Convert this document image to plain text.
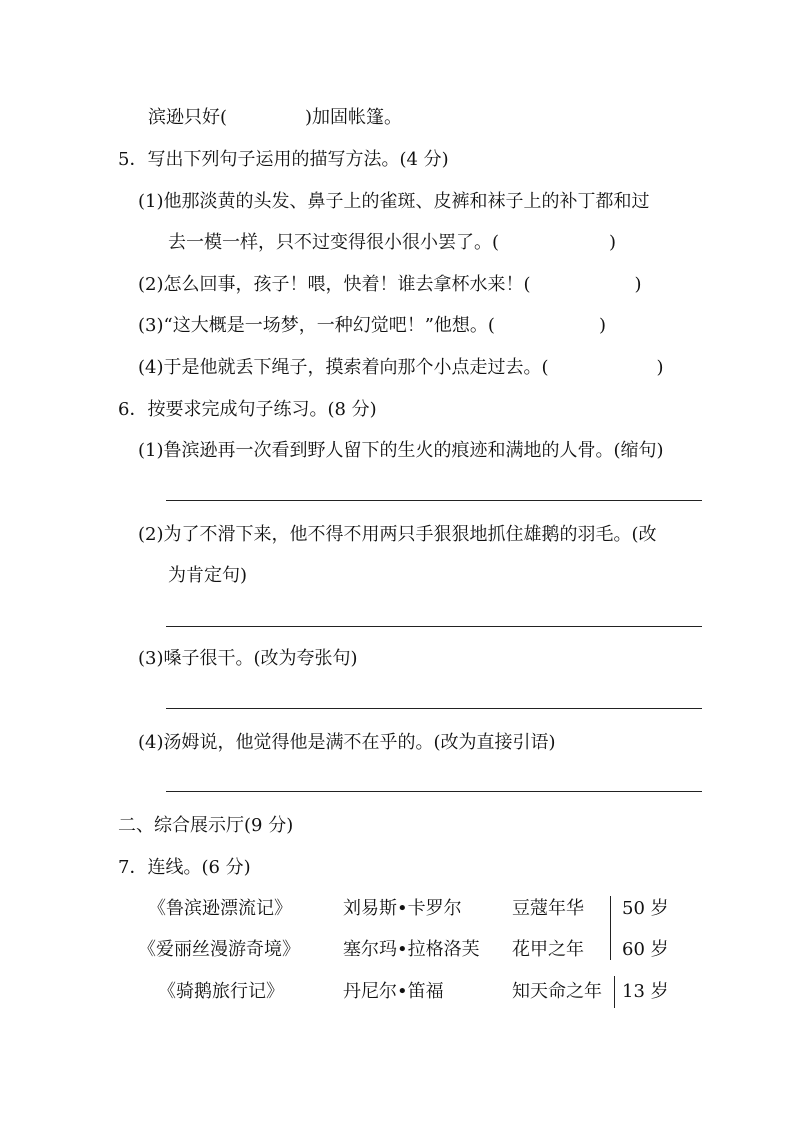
滨逊只好(	)加固帐篷。
5．写出下列句子运用的描写方法。(4 分)
(1)他那淡黄的头发、鼻子上的雀斑、皮裤和袜子上的补丁都和过
去一模一样，只不过变得很小很小罢了。(	)
(2)怎么回事，孩子！喂，快着！谁去拿杯水来！(	)
(3)“这大概是一场梦，一种幻觉吧！”他想。(	)
(4)于是他就丢下绳子，摸索着向那个小点走过去。(	)
6．按要求完成句子练习。(8 分)
(1)鲁滨逊再一次看到野人留下的生火的痕迹和满地的人骨。(缩句)
(2)为了不滑下来，他不得不用两只手狠狠地抓住雄鹅的羽毛。(改
为肯定句)
(3)嗓子很干。(改为夸张句)
(4)汤姆说，他觉得他是满不在乎的。(改为直接引语)
二、综合展示厅(9 分)
7．连线。(6 分)
《鲁滨逊漂流记》	刘易斯•卡罗尔	豆蔻年华 50 岁
《爱丽丝漫游奇境》 塞尔玛•拉格洛芙 花甲之年 60 岁
《骑鹅旅行记》	丹尼尔•笛福	知天命之年 13 岁
